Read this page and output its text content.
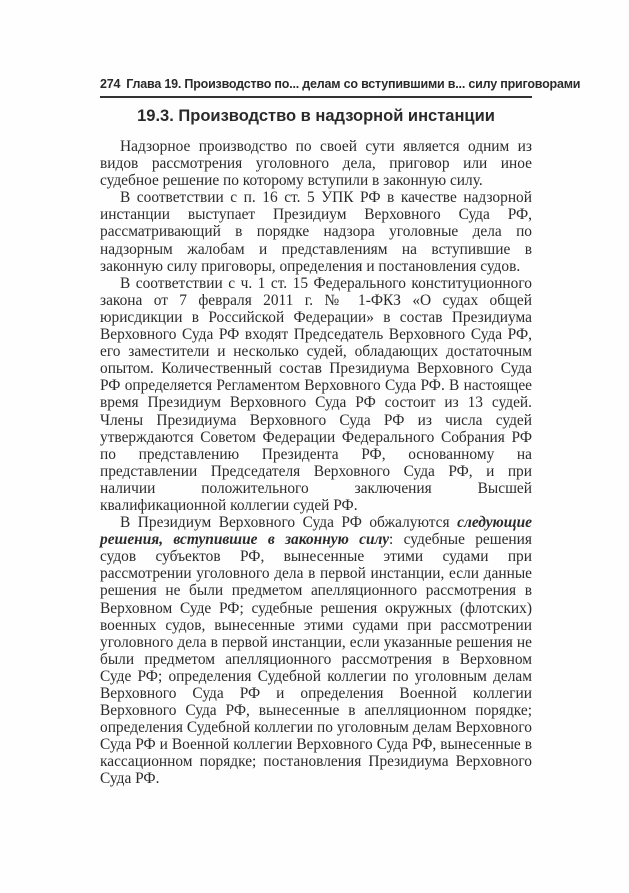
274 Глава 19. Производство по... делам со вступившими в... силу приговорами
19.3. Производство в надзорной инстанции

Надзорное производство по своей сути является одним из видов рассмотрения уголовного дела, приговор или иное судебное решение по которому вступили в законную силу.

В соответствии с п. 16 ст. 5 УПК РФ в качестве надзорной инстанции выступает Президиум Верховного Суда РФ, рассматривающий в порядке надзора уголовные дела по надзорным жалобам и представлениям на вступившие в законную силу приговоры, определения и постановления судов.

В соответствии с ч. 1 ст. 15 Федерального конституционного закона от 7 февраля 2011 г. № 1-ФКЗ «О судах общей юрисдикции в Российской Федерации» в состав Президиума Верховного Суда РФ входят Председатель Верховного Суда РФ, его заместители и несколько судей, обладающих достаточным опытом. Количественный состав Президиума Верховного Суда РФ определяется Регламентом Верховного Суда РФ. В настоящее время Президиум Верховного Суда РФ состоит из 13 судей. Члены Президиума Верховного Суда РФ из числа судей утверждаются Советом Федерации Федерального Собрания РФ по представлению Президента РФ, основанному на представлении Председателя Верховного Суда РФ, и при наличии положительного заключения Высшей квалификационной коллегии судей РФ.

В Президиум Верховного Суда РФ обжалуются следующие решения, вступившие в законную силу: судебные решения судов субъектов РФ, вынесенные этими судами при рассмотрении уголовного дела в первой инстанции, если данные решения не были предметом апелляционного рассмотрения в Верховном Суде РФ; судебные решения окружных (флотских) военных судов, вынесенные этими судами при рассмотрении уголовного дела в первой инстанции, если указанные решения не были предметом апелляционного рассмотрения в Верховном Суде РФ; определения Судебной коллегии по уголовным делам Верховного Суда РФ и определения Военной коллегии Верховного Суда РФ, вынесенные в апелляционном порядке; определения Судебной коллегии по уголовным делам Верховного Суда РФ и Военной коллегии Верховного Суда РФ, вынесенные в кассационном порядке; постановления Президиума Верховного Суда РФ.
